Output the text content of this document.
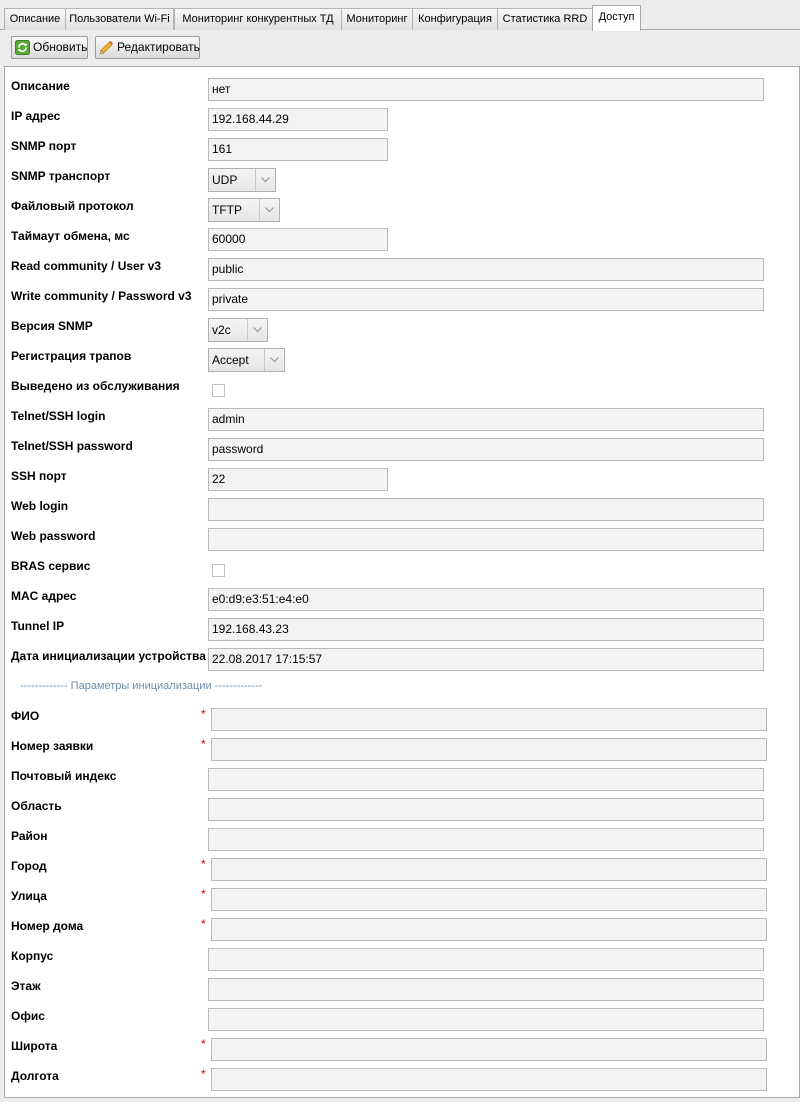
Описание Пользователи Wi-Fi	Мониторинг конкурентных ТД	Мониторинг Конфигурация Статистика RRD	Доступ
Обновить	Редактировать
Описание	нет
IP адрес	192.168.44.29
SNMP порт	161
SNMP транспорт	UDP
Файловый протокол	TFTP
Таймаут обмена, мс	60000
Read community / User v3	public
Write community / Password v3	private
Версия SNMP	v2c
Регистрация трапов	Accept
Выведено из обслуживания
Telnet/SSH login	admin
Telnet/SSH password	password
SSH порт	22
Web login
Web password
BRAS сервис
MAC адрес	e0:d9:e3:51:e4:e0
Tunnel IP	192.168.43.23
Дата инициализации устройства 22.08.2017 17:15:57
------------- Параметры инициализации -------------
ФИО	*
Номер заявки	*
Почтовый индекс
Область
Район
Город	*
Улица	*
Номер дома	*
Корпус
Этаж
Офис
Широта	*
Долгота	*
